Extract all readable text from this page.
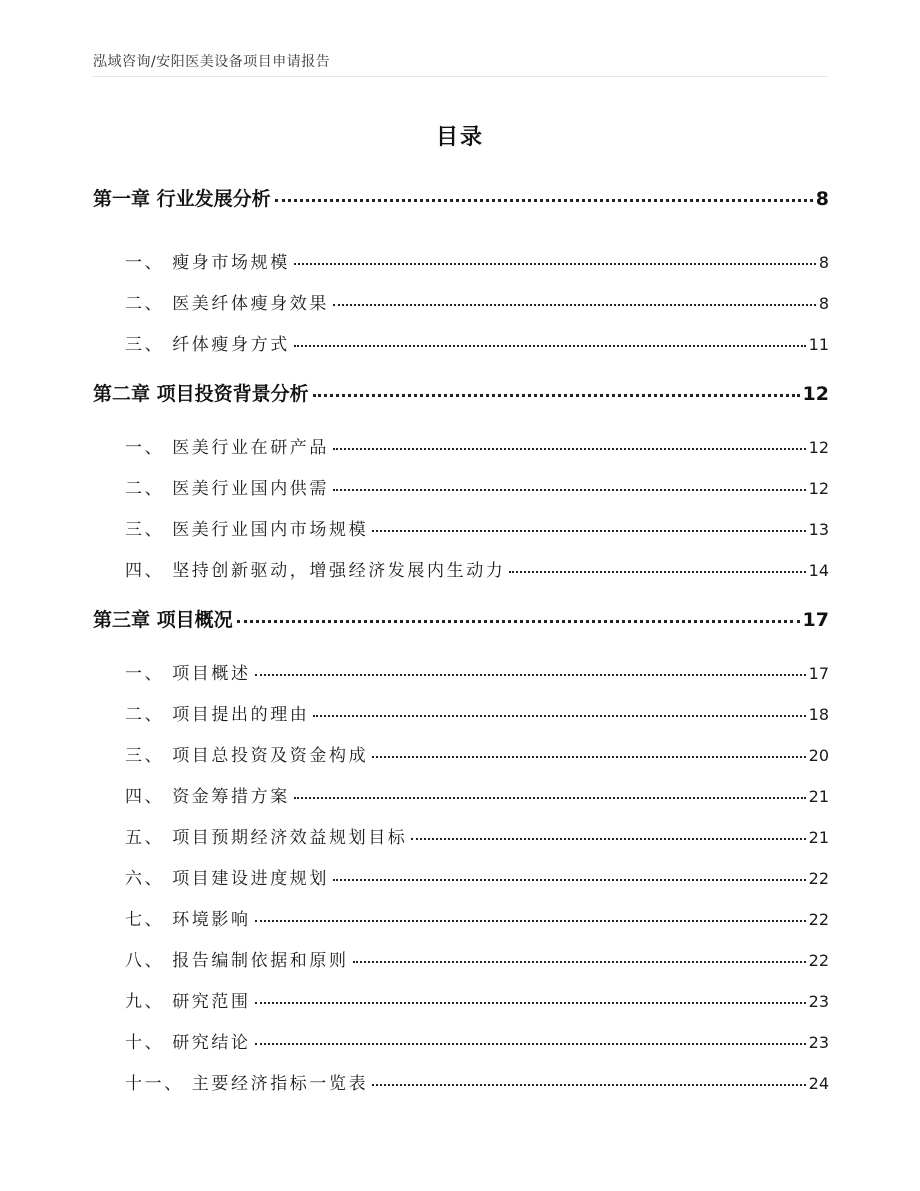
泓域咨询/安阳医美设备项目申请报告
目录
第一章 行业发展分析	8
一、 瘦身市场规模	8
二、 医美纤体瘦身效果	8
三、 纤体瘦身方式	11
第二章 项目投资背景分析	12
一、 医美行业在研产品	12
二、 医美行业国内供需	12
三、 医美行业国内市场规模	13
四、 坚持创新驱动，增强经济发展内生动力	14
第三章 项目概况	17
一、 项目概述	17
二、 项目提出的理由	18
三、 项目总投资及资金构成	20
四、 资金筹措方案	21
五、 项目预期经济效益规划目标	21
六、 项目建设进度规划	22
七、 环境影响	22
八、 报告编制依据和原则	22
九、 研究范围	23
十、 研究结论	23
十一、 主要经济指标一览表	24
